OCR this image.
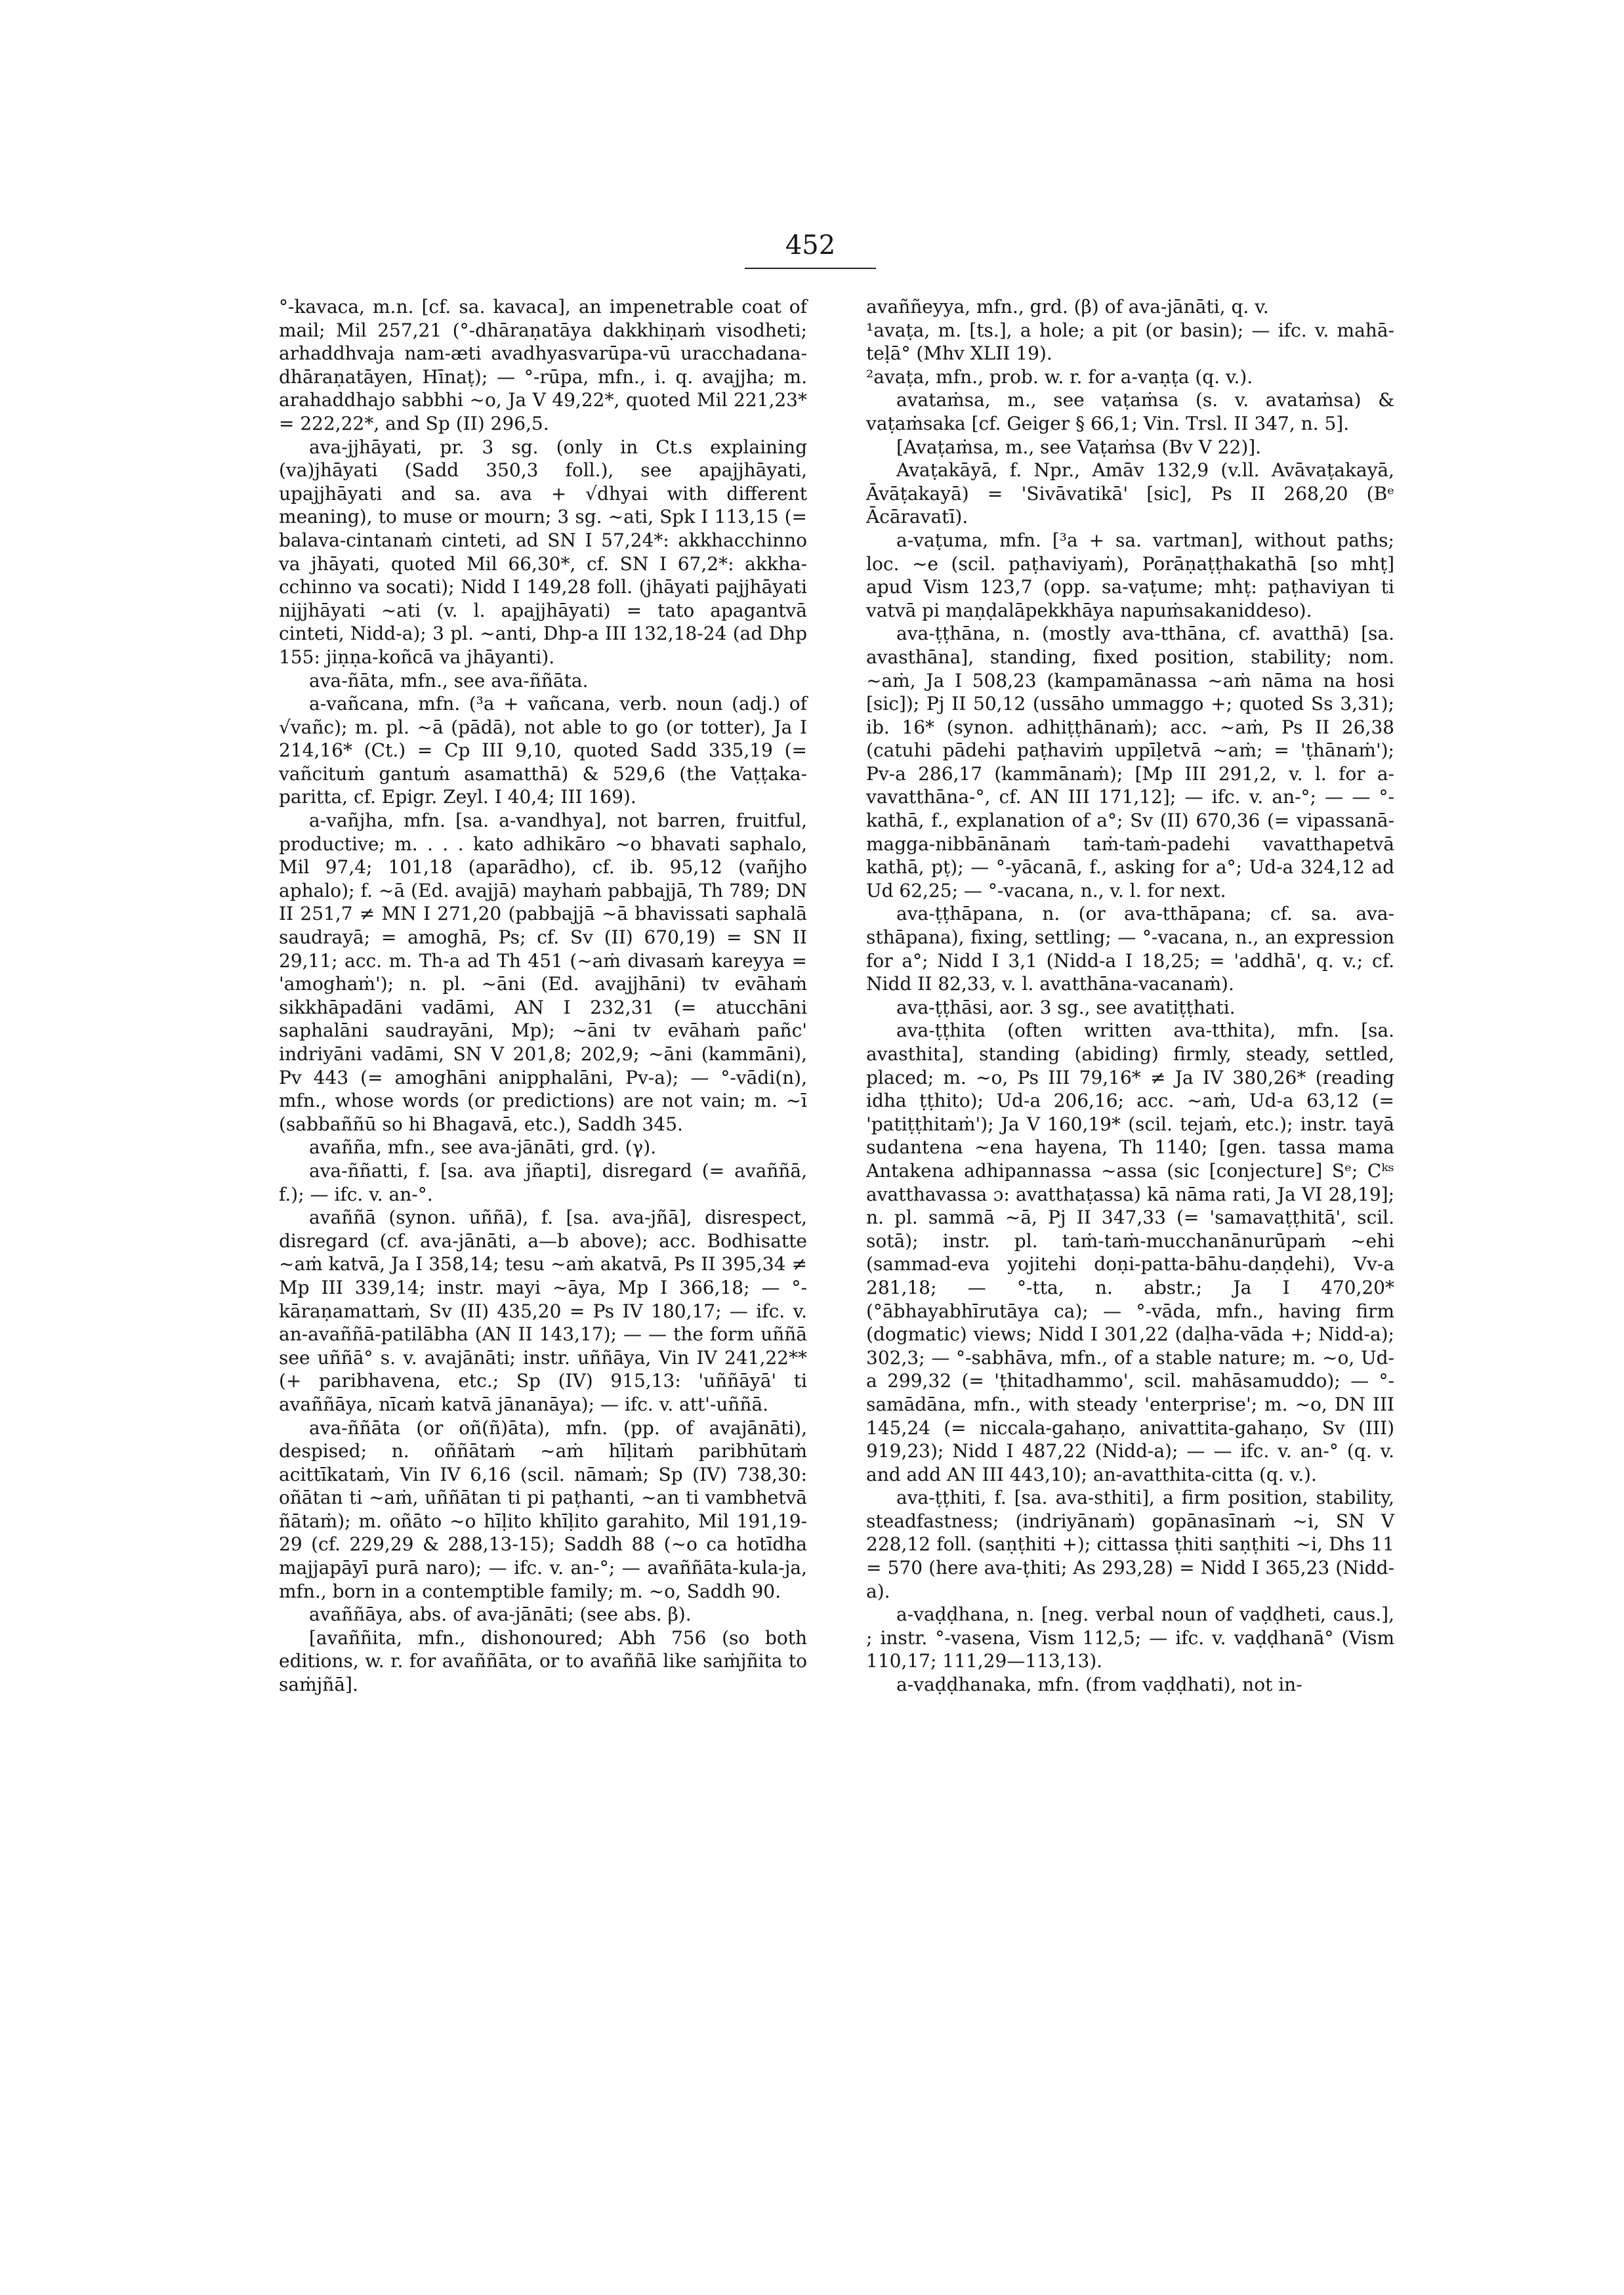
452

°-kavaca, m.n. [cf. sa. kavaca], an impenetrable coat of mail; Mil 257,21 (°-dhāraṇatāya dakkhiṇaṁ visodheti; arhaddhvaja nam-æti avadhyasvarūpa-vū uracchadana-dhāraṇatāyen, Hīnaṭ); — °-rūpa, mfn., i. q. avajjha; m. arahaddhajo sabbhi ~o, Ja V 49,22*, quoted Mil 221,23* = 222,22*, and Sp (II) 296,5.

ava-jjhāyati, pr. 3 sg. (only in Ct.s explaining (va)jhāyati (Sadd 350,3 foll.), see apajjhāyati, upajjhāyati and sa. ava + √dhyai with different meaning), to muse or mourn; 3 sg. ~ati, Spk I 113,15 (= balava-cintanaṁ cinteti, ad SN I 57,24*: akkhacchinno va jhāyati, quoted Mil 66,30*, cf. SN I 67,2*: akkha-cchinno va socati); Nidd I 149,28 foll. (jhāyati pajjhāyati nijjhāyati ~ati (v. l. apajjhāyati) = tato apagantvā cinteti, Nidd-a); 3 pl. ~anti, Dhp-a III 132,18-24 (ad Dhp 155: jiṇṇa-koñcā va jhāyanti).

ava-ñāta, mfn., see ava-ññāta.

a-vañcana, mfn. (³a + vañcana, verb. noun (adj.) of √vañc); m. pl. ~ā (pādā), not able to go (or totter), Ja I 214,16* (Ct.) = Cp III 9,10, quoted Sadd 335,19 (= vañcituṁ gantuṁ asamatthā) & 529,6 (the Vaṭṭaka-paritta, cf. Epigr. Zeyl. I 40,4; III 169).

a-vañjha, mfn. [sa. a-vandhya], not barren, fruitful, productive; m. . . . kato adhikāro ~o bhavati saphalo, Mil 97,4; 101,18 (aparādho), cf. ib. 95,12 (vañjho aphalo); f. ~ā (Ed. avajjā) mayhaṁ pabbajjā, Th 789; DN II 251,7 ≠ MN I 271,20 (pabbajjā ~ā bhavissati saphalā saudrayā; = amoghā, Ps; cf. Sv (II) 670,19) = SN II 29,11; acc. m. Th-a ad Th 451 (~aṁ divasaṁ kareyya = 'amoghaṁ'); n. pl. ~āni (Ed. avajjhāni) tv evāhaṁ sikkhāpadāni vadāmi, AN I 232,31 (= atucchāni saphalāni saudrayāni, Mp); ~āni tv evāhaṁ pañc' indriyāni vadāmi, SN V 201,8; 202,9; ~āni (kammāni), Pv 443 (= amoghāni anipphalāni, Pv-a); — °-vādi(n), mfn., whose words (or predictions) are not vain; m. ~ī (sabbaññū so hi Bhagavā, etc.), Saddh 345.

avañña, mfn., see ava-jānāti, grd. (γ).

ava-ññatti, f. [sa. ava jñapti], disregard (= avaññā, f.); — ifc. v. an-°.

avaññā (synon. uññā), f. [sa. ava-jñā], disrespect, disregard (cf. ava-jānāti, a—b above); acc. Bodhisatte ~aṁ katvā, Ja I 358,14; tesu ~aṁ akatvā, Ps II 395,34 ≠ Mp III 339,14; instr. mayi ~āya, Mp I 366,18; — °-kāraṇamattaṁ, Sv (II) 435,20 = Ps IV 180,17; — ifc. v. an-avaññā-patilābha (AN II 143,17); — — the form uññā see uññā° s. v. avajānāti; instr. uññāya, Vin IV 241,22** (+ paribhavena, etc.; Sp (IV) 915,13: 'uññāyā' ti avaññāya, nīcaṁ katvā jānanāya); — ifc. v. att'-uññā.

ava-ññāta (or oñ(ñ)āta), mfn. (pp. of avajānāti), despised; n. oññātaṁ ~aṁ hīḷitaṁ paribhūtaṁ acittīkataṁ, Vin IV 6,16 (scil. nāmaṁ; Sp (IV) 738,30: oñātan ti ~aṁ, uññātan ti pi paṭhanti, ~an ti vambhetvā ñātaṁ); m. oñāto ~o hīḷito khīḷito garahito, Mil 191,19-29 (cf. 229,29 & 288,13-15); Saddh 88 (~o ca hotīdha majjapāyī purā naro); — ifc. v. an-°; — avaññāta-kula-ja, mfn., born in a contemptible family; m. ~o, Saddh 90.

avaññāya, abs. of ava-jānāti; (see abs. β).

[avaññita, mfn., dishonoured; Abh 756 (so both editions, w. r. for avaññāta, or to avaññā like saṁjñita to saṁjñā].

avaññeyya, mfn., grd. (β) of ava-jānāti, q. v.

¹avaṭa, m. [ts.], a hole; a pit (or basin); — ifc. v. mahā-teḷā° (Mhv XLII 19).

²avaṭa, mfn., prob. w. r. for a-vaṇṭa (q. v.).

avataṁsa, m., see vaṭaṁsa (s. v. avataṁsa) & vaṭaṁsaka [cf. Geiger § 66,1; Vin. Trsl. II 347, n. 5].

[Avaṭaṁsa, m., see Vaṭaṁsa (Bv V 22)].

Avaṭakāyā, f. Npr., Amāv 132,9 (v.ll. Avāvaṭakayā, Āvāṭakayā) = 'Sivāvatikā' [sic], Ps II 268,20 (Bᵉ Ācāravatī).

a-vaṭuma, mfn. [³a + sa. vartman], without paths; loc. ~e (scil. paṭhaviyaṁ), Porāṇaṭṭhakathā [so mhṭ] apud Vism 123,7 (opp. sa-vaṭume; mhṭ: paṭhaviyan ti vatvā pi maṇḍalāpekkhāya napuṁsakaniddeso).

ava-ṭṭhāna, n. (mostly ava-tthāna, cf. avatthā) [sa. avasthāna], standing, fixed position, stability; nom. ~aṁ, Ja I 508,23 (kampamānassa ~aṁ nāma na hosi [sic]); Pj II 50,12 (ussāho ummaggo +; quoted Ss 3,31); ib. 16* (synon. adhiṭṭhānaṁ); acc. ~aṁ, Ps II 26,38 (catuhi pādehi paṭhaviṁ uppīḷetvā ~aṁ; = 'ṭhānaṁ'); Pv-a 286,17 (kammānaṁ); [Mp III 291,2, v. l. for a-vavatthāna-°, cf. AN III 171,12]; — ifc. v. an-°; — — °-kathā, f., explanation of a°; Sv (II) 670,36 (= vipassanā-magga-nibbānānaṁ taṁ-taṁ-padehi vavatthapetvā kathā, pṭ); — °-yācanā, f., asking for a°; Ud-a 324,12 ad Ud 62,25; — °-vacana, n., v. l. for next.

ava-ṭṭhāpana, n. (or ava-tthāpana; cf. sa. ava-sthāpana), fixing, settling; — °-vacana, n., an expression for a°; Nidd I 3,1 (Nidd-a I 18,25; = 'addhā', q. v.; cf. Nidd II 82,33, v. l. avatthāna-vacanaṁ).

ava-ṭṭhāsi, aor. 3 sg., see avatiṭṭhati.

ava-ṭṭhita (often written ava-tthita), mfn. [sa. avasthita], standing (abiding) firmly, steady, settled, placed; m. ~o, Ps III 79,16* ≠ Ja IV 380,26* (reading idha ṭṭhito); Ud-a 206,16; acc. ~aṁ, Ud-a 63,12 (= 'patiṭṭhitaṁ'); Ja V 160,19* (scil. tejaṁ, etc.); instr. tayā sudantena ~ena hayena, Th 1140; [gen. tassa mama Antakena adhipannassa ~assa (sic [conjecture] Sᵉ; Cᵏˢ avatthavassa ɔ: avatthaṭassa) kā nāma rati, Ja VI 28,19]; n. pl. sammā ~ā, Pj II 347,33 (= 'samavaṭṭhitā', scil. sotā); instr. pl. taṁ-taṁ-mucchanānurūpaṁ ~ehi (sammad-eva yojitehi doṇi-patta-bāhu-daṇḍehi), Vv-a 281,18; — °-tta, n. abstr.; Ja I 470,20* (°ābhayabhīrutāya ca); — °-vāda, mfn., having firm (dogmatic) views; Nidd I 301,22 (daḷha-vāda +; Nidd-a); 302,3; — °-sabhāva, mfn., of a stable nature; m. ~o, Ud-a 299,32 (= 'ṭhitadhammo', scil. mahāsamuddo); — °-samādāna, mfn., with steady 'enterprise'; m. ~o, DN III 145,24 (= niccala-gahaṇo, anivattita-gahaṇo, Sv (III) 919,23); Nidd I 487,22 (Nidd-a); — — ifc. v. an-° (q. v. and add AN III 443,10); an-avatthita-citta (q. v.).

ava-ṭṭhiti, f. [sa. ava-sthiti], a firm position, stability, steadfastness; (indriyānaṁ) gopānasīnaṁ ~i, SN V 228,12 foll. (saṇṭhiti +); cittassa ṭhiti saṇṭhiti ~i, Dhs 11 = 570 (here ava-ṭhiti; As 293,28) = Nidd I 365,23 (Nidd-a).

a-vaḍḍhana, n. [neg. verbal noun of vaḍḍheti, caus.], ; instr. °-vasena, Vism 112,5; — ifc. v. vaḍḍhanā° (Vism 110,17; 111,29—113,13).

a-vaḍḍhanaka, mfn. (from vaḍḍhati), not in-
